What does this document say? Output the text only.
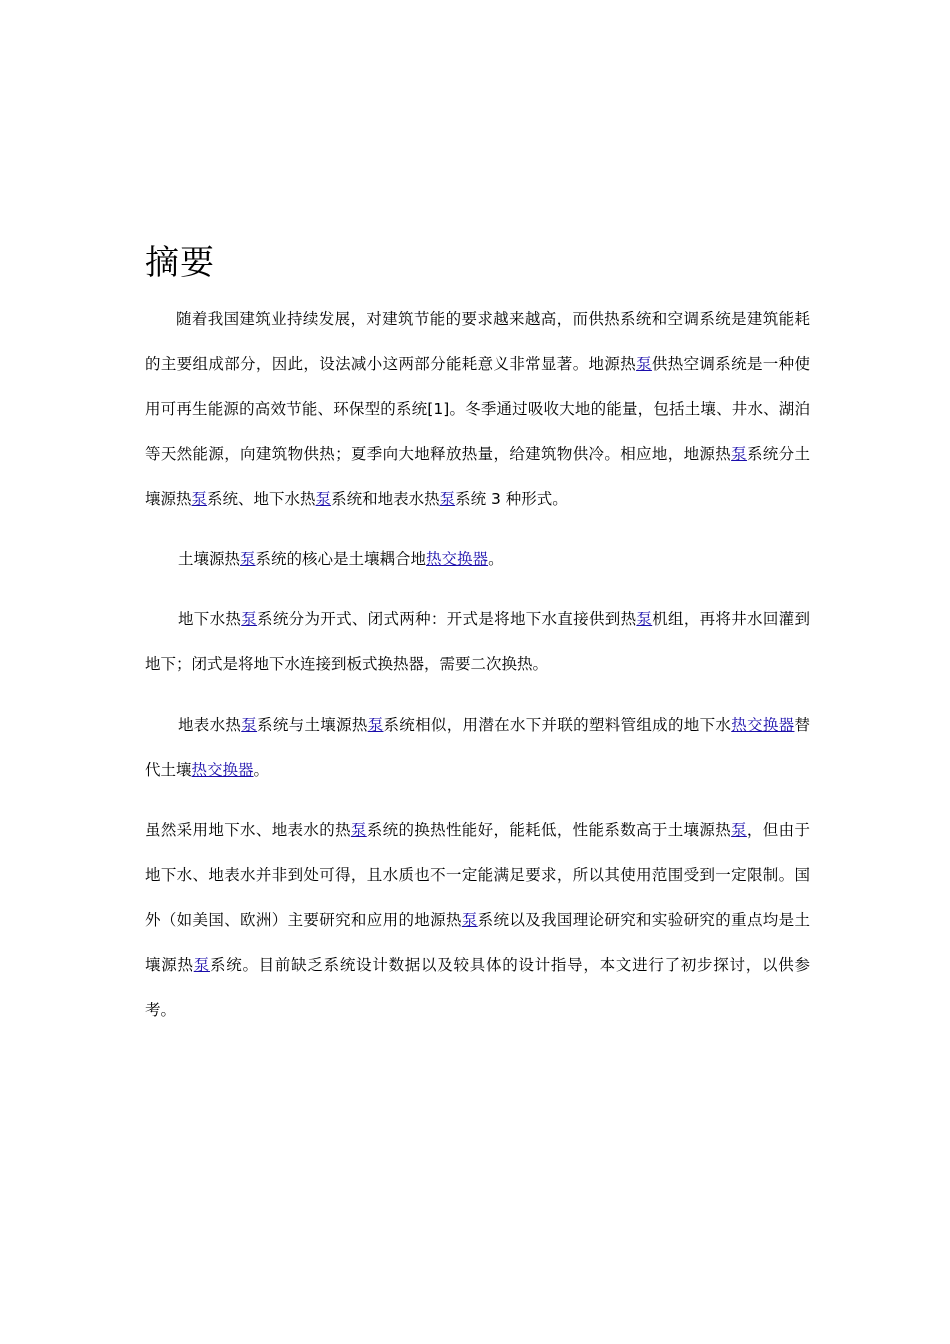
摘要

随着我国建筑业持续发展，对建筑节能的要求越来越高，而供热系统和空调系统是建筑能耗的主要组成部分，因此，设法减小这两部分能耗意义非常显著。地源热泵供热空调系统是一种使用可再生能源的高效节能、环保型的系统[1]。冬季通过吸收大地的能量，包括土壤、井水、湖泊等天然能源，向建筑物供热；夏季向大地释放热量，给建筑物供冷。相应地，地源热泵系统分土壤源热泵系统、地下水热泵系统和地表水热泵系统 3 种形式。

土壤源热泵系统的核心是土壤耦合地热交换器。

地下水热泵系统分为开式、闭式两种：开式是将地下水直接供到热泵机组，再将井水回灌到地下；闭式是将地下水连接到板式换热器，需要二次换热。

地表水热泵系统与土壤源热泵系统相似，用潜在水下并联的塑料管组成的地下水热交换器替代土壤热交换器。

虽然采用地下水、地表水的热泵系统的换热性能好，能耗低，性能系数高于土壤源热泵，但由于地下水、地表水并非到处可得，且水质也不一定能满足要求，所以其使用范围受到一定限制。国外（如美国、欧洲）主要研究和应用的地源热泵系统以及我国理论研究和实验研究的重点均是土壤源热泵系统。目前缺乏系统设计数据以及较具体的设计指导，本文进行了初步探讨，以供参考。
